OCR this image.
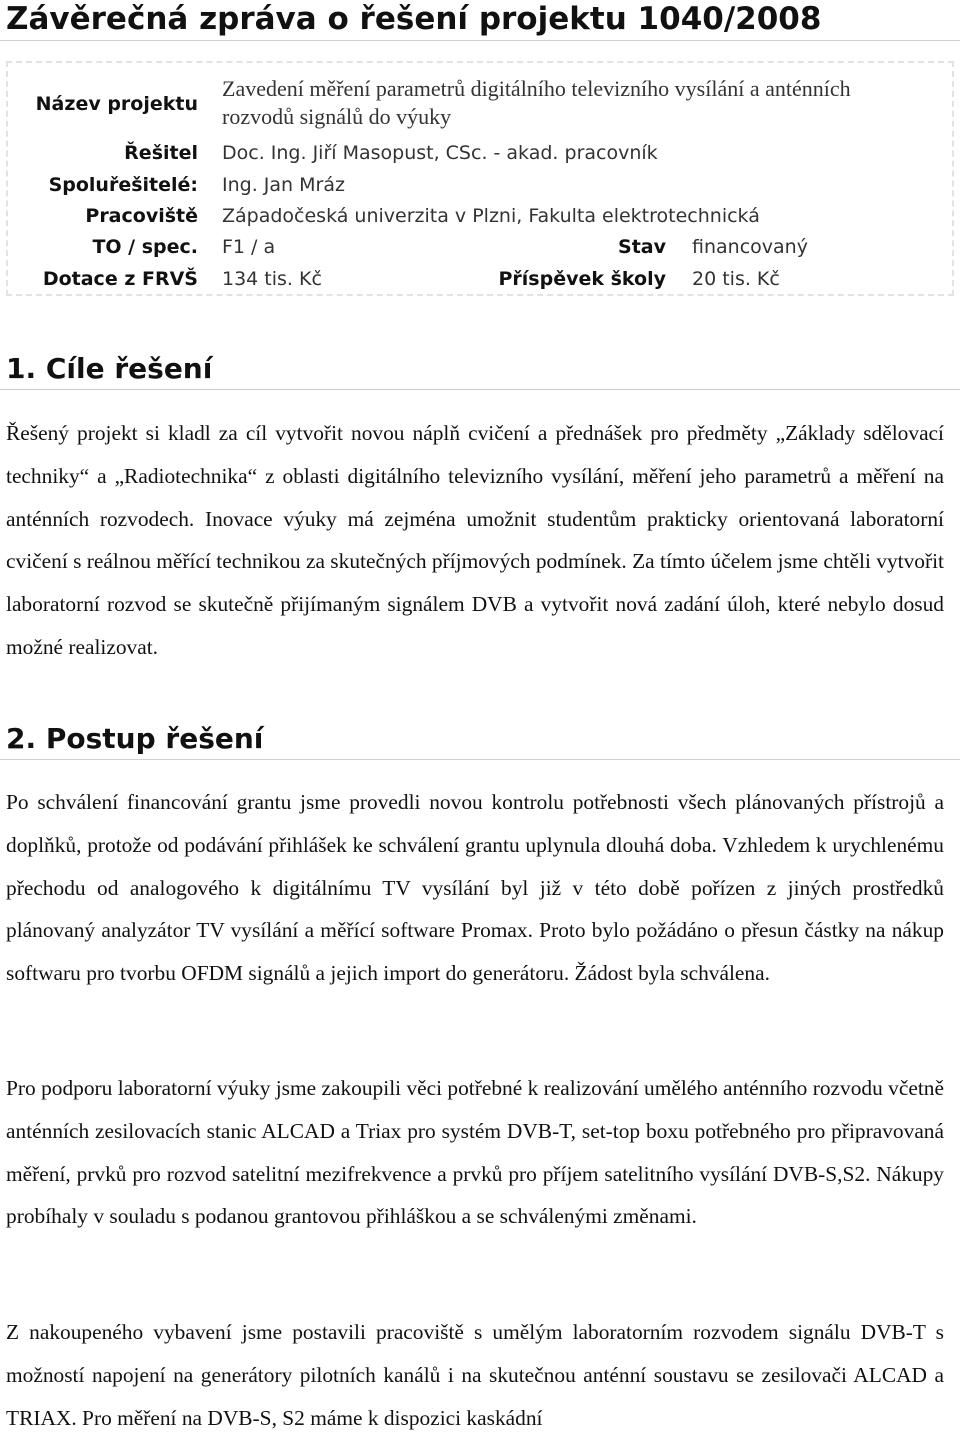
Závěrečná zpráva o řešení projektu 1040/2008
Název projektu
Zavedení měření parametrů digitálního televizního vysílání a anténních
rozvodů signálů do výuky
Řešitel Doc. Ing. Jiří Masopust, CSc. - akad. pracovník
Spoluřešitelé: Ing. Jan Mráz
Pracoviště Západočeská univerzita v Plzni, Fakulta elektrotechnická
TO / spec. F1 / a	Stav financovaný
Dotace z FRVŠ 134 tis. Kč	Příspěvek školy 20 tis. Kč
1. Cíle řešení

Řešený projekt si kladl za cíl vytvořit novou náplň cvičení a přednášek pro předměty „Základy sdělovací techniky“ a „Radiotechnika“ z oblasti digitálního televizního vysílání, měření jeho parametrů a měření na anténních rozvodech. Inovace výuky má zejména umožnit studentům prakticky orientovaná laboratorní cvičení s reálnou měřící technikou za skutečných příjmových podmínek. Za tímto účelem jsme chtěli vytvořit laboratorní rozvod se skutečně přijímaným signálem DVB a vytvořit nová zadání úloh, které nebylo dosud možné realizovat.

2. Postup řešení

Po schválení financování grantu jsme provedli novou kontrolu potřebnosti všech plánovaných přístrojů a doplňků, protože od podávání přihlášek ke schválení grantu uplynula dlouhá doba. Vzhledem k urychlenému přechodu od analogového k digitálnímu TV vysílání byl již v této době pořízen z jiných prostředků plánovaný analyzátor TV vysílání a měřící software Promax. Proto bylo požádáno o přesun částky na nákup softwaru pro tvorbu OFDM signálů a jejich import do generátoru. Žádost byla schválena.

Pro podporu laboratorní výuky jsme zakoupili věci potřebné k realizování umělého anténního rozvodu včetně anténních zesilovacích stanic ALCAD a Triax pro systém DVB-T, set-top boxu potřebného pro připravovaná měření, prvků pro rozvod satelitní mezifrekvence a prvků pro příjem satelitního vysílání DVB-S,S2. Nákupy probíhaly v souladu s podanou grantovou přihláškou a se schválenými změnami.

Z nakoupeného vybavení jsme postavili pracoviště s umělým laboratorním rozvodem signálu DVB-T s možností napojení na generátory pilotních kanálů i na skutečnou anténní soustavu se zesilovači ALCAD a TRIAX. Pro měření na DVB-S, S2 máme k dispozici kaskádní
